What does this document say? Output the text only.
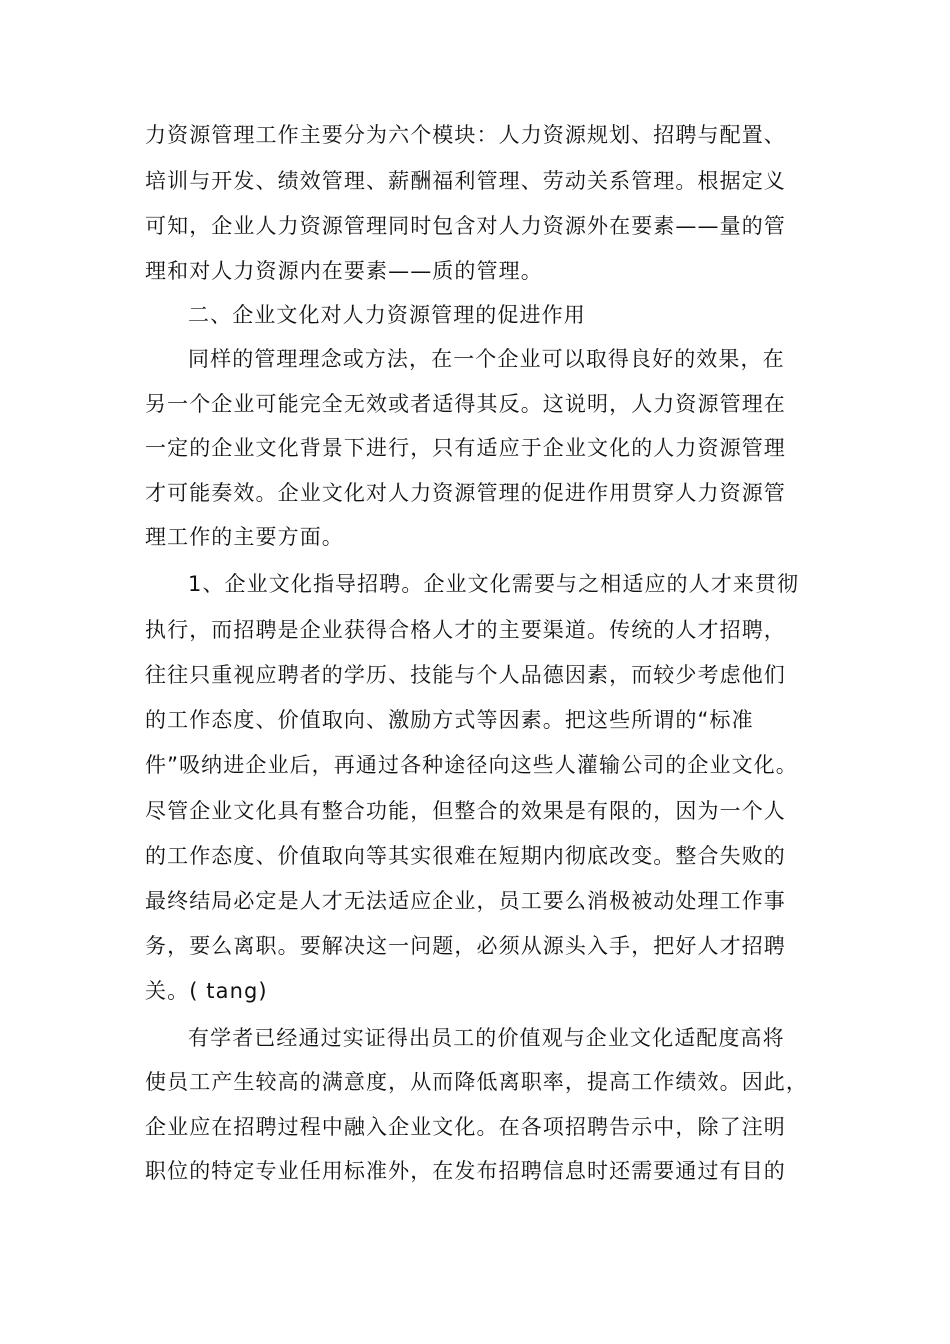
力资源管理工作主要分为六个模块：人力资源规划、招聘与配置、
培训与开发、绩效管理、薪酬福利管理、劳动关系管理。根据定义
可知，企业人力资源管理同时包含对人力资源外在要素——量的管
理和对人力资源内在要素——质的管理。
二、企业文化对人力资源管理的促进作用
同样的管理理念或方法，在一个企业可以取得良好的效果，在
另一个企业可能完全无效或者适得其反。这说明，人力资源管理在
一定的企业文化背景下进行，只有适应于企业文化的人力资源管理
才可能奏效。企业文化对人力资源管理的促进作用贯穿人力资源管
理工作的主要方面。
1、企业文化指导招聘。企业文化需要与之相适应的人才来贯彻
执行，而招聘是企业获得合格人才的主要渠道。传统的人才招聘，
往往只重视应聘者的学历、技能与个人品德因素，而较少考虑他们
的工作态度、价值取向、激励方式等因素。把这些所谓的“标准
件”吸纳进企业后，再通过各种途径向这些人灌输公司的企业文化。
尽管企业文化具有整合功能，但整合的效果是有限的，因为一个人
的工作态度、价值取向等其实很难在短期内彻底改变。整合失败的
最终结局必定是人才无法适应企业，员工要么消极被动处理工作事
务，要么离职。要解决这一问题，必须从源头入手，把好人才招聘
关。( tang)
有学者已经通过实证得出员工的价值观与企业文化适配度高将
使员工产生较高的满意度，从而降低离职率，提高工作绩效。因此，
企业应在招聘过程中融入企业文化。在各项招聘告示中，除了注明
职位的特定专业任用标准外，在发布招聘信息时还需要通过有目的
